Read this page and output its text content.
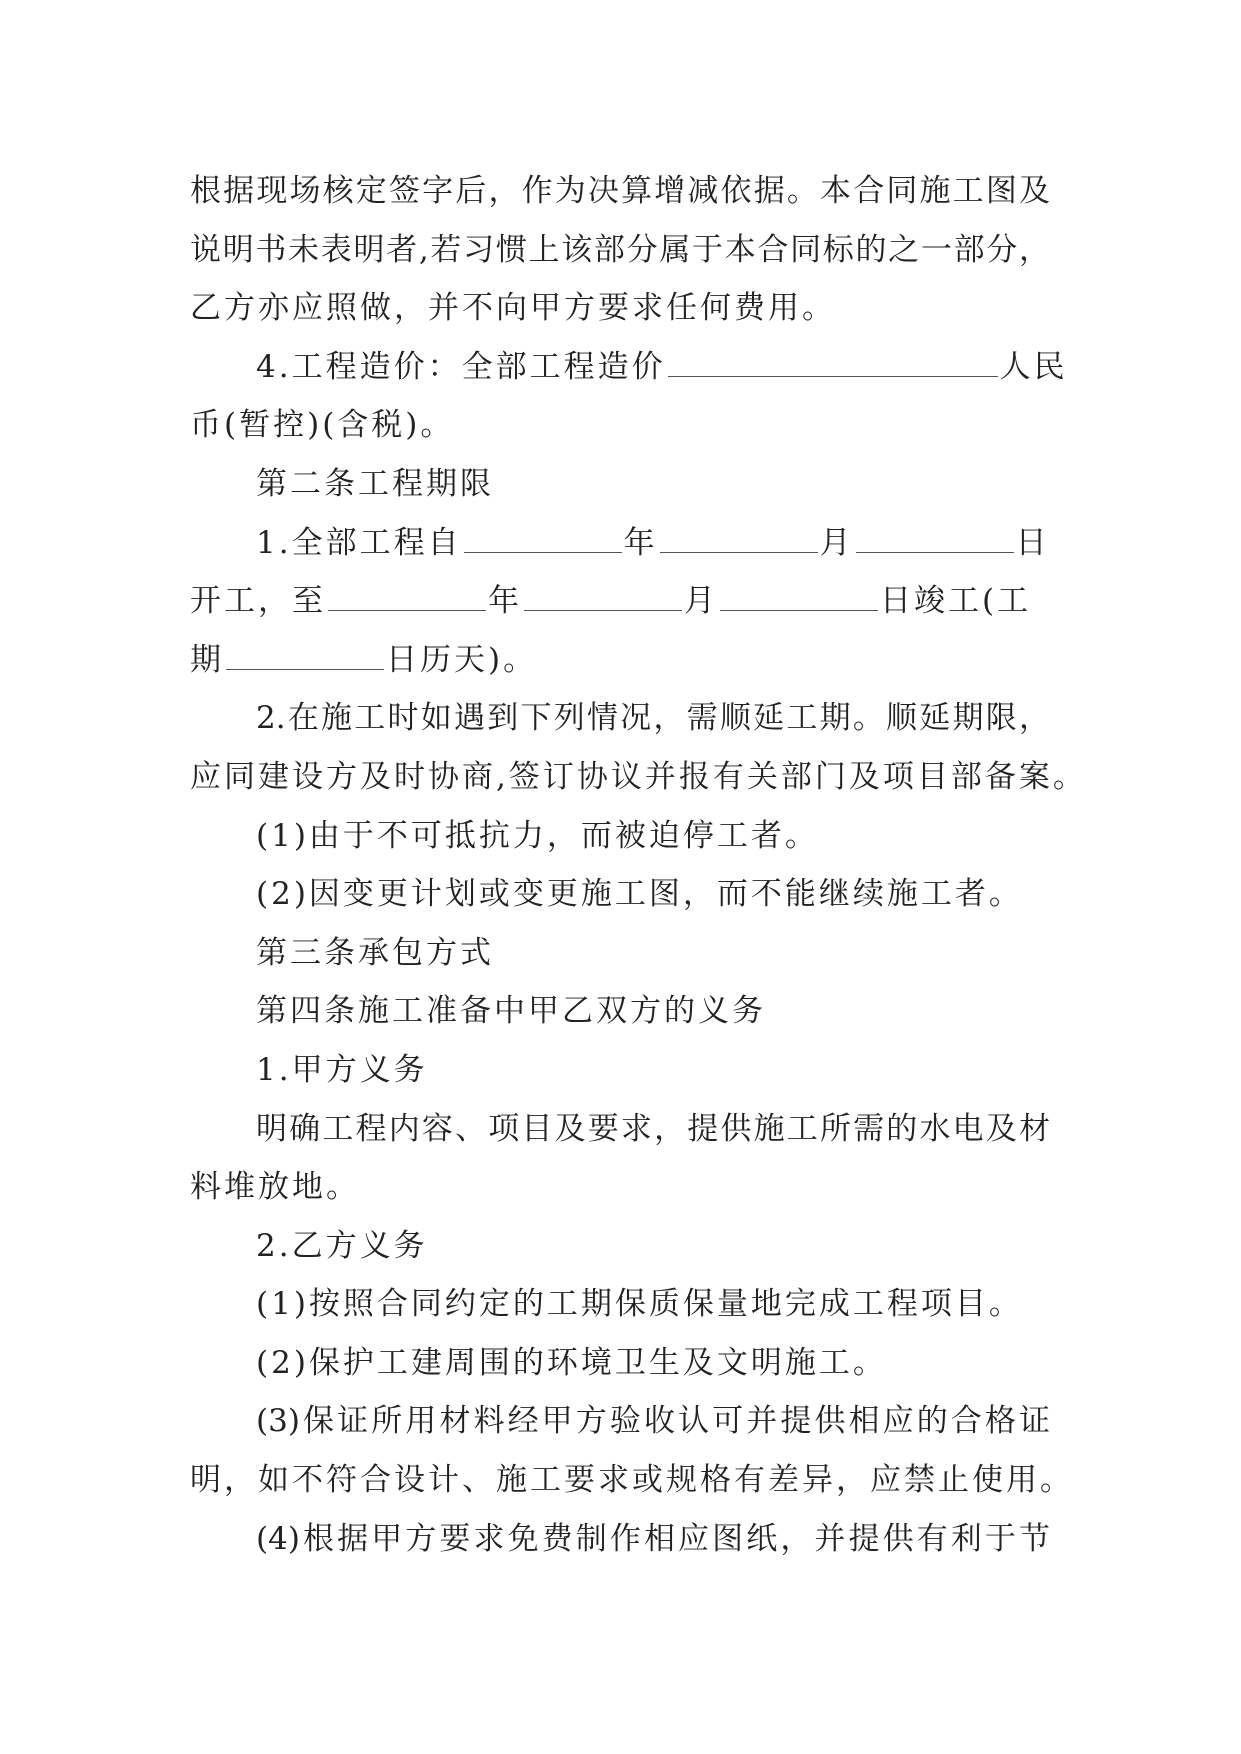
根据现场核定签字后，作为决算增减依据。本合同施工图及
说明书未表明者,若习惯上该部分属于本合同标的之一部分，
乙方亦应照做，并不向甲方要求任何费用。
4.工程造价：全部工程造价	人民
币(暂控)(含税)。
第二条工程期限
1.全部工程自	年	月	日
开工，至	年	月	日竣工(工
期	日历天)。
2.在施工时如遇到下列情况，需顺延工期。顺延期限，
应同建设方及时协商,签订协议并报有关部门及项目部备案。
(1)由于不可抵抗力，而被迫停工者。
(2)因变更计划或变更施工图，而不能继续施工者。
第三条承包方式
第四条施工准备中甲乙双方的义务
1.甲方义务
明确工程内容、项目及要求，提供施工所需的水电及材
料堆放地。
2.乙方义务
(1)按照合同约定的工期保质保量地完成工程项目。
(2)保护工建周围的环境卫生及文明施工。
(3)保证所用材料经甲方验收认可并提供相应的合格证
明，如不符合设计、施工要求或规格有差异，应禁止使用。
(4)根据甲方要求免费制作相应图纸，并提供有利于节
